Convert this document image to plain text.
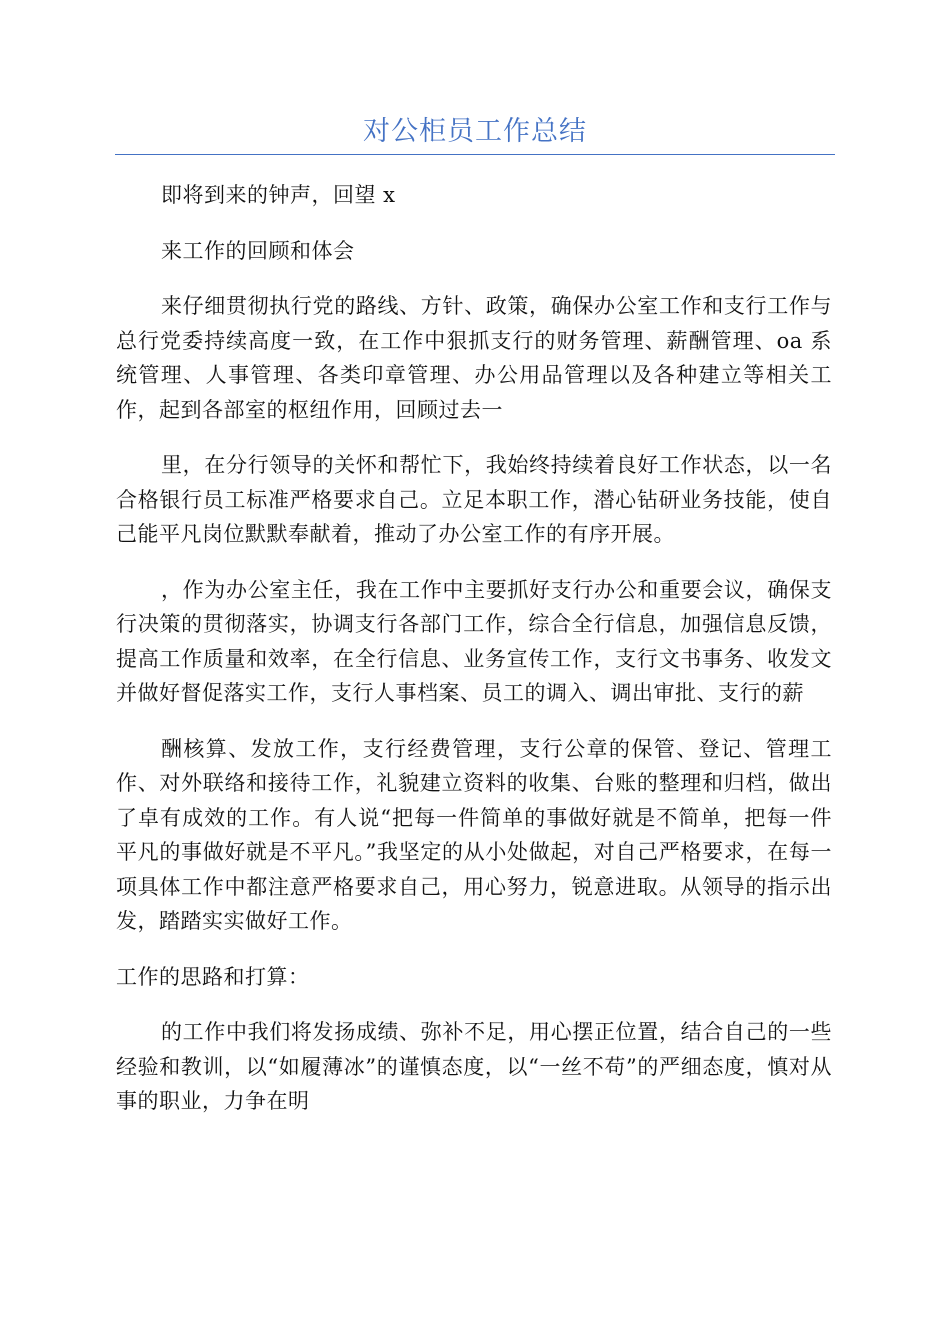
对公柜员工作总结

即将到来的钟声，回望 x

来工作的回顾和体会

来仔细贯彻执行党的路线、方针、政策，确保办公室工作和支行工作与总行党委持续高度一致，在工作中狠抓支行的财务管理、薪酬管理、oa 系统管理、人事管理、各类印章管理、办公用品管理以及各种建立等相关工作，起到各部室的枢纽作用，回顾过去一

里，在分行领导的关怀和帮忙下，我始终持续着良好工作状态，以一名合格银行员工标准严格要求自己。立足本职工作，潜心钻研业务技能，使自己能平凡岗位默默奉献着，推动了办公室工作的有序开展。

，作为办公室主任，我在工作中主要抓好支行办公和重要会议，确保支行决策的贯彻落实，协调支行各部门工作，综合全行信息，加强信息反馈，提高工作质量和效率，在全行信息、业务宣传工作，支行文书事务、收发文并做好督促落实工作，支行人事档案、员工的调入、调出审批、支行的薪

酬核算、发放工作，支行经费管理，支行公章的保管、登记、管理工作、对外联络和接待工作，礼貌建立资料的收集、台账的整理和归档，做出了卓有成效的工作。有人说“把每一件简单的事做好就是不简单，把每一件平凡的事做好就是不平凡。”我坚定的从小处做起，对自己严格要求，在每一项具体工作中都注意严格要求自己，用心努力，锐意进取。从领导的指示出发，踏踏实实做好工作。

工作的思路和打算：

的工作中我们将发扬成绩、弥补不足，用心摆正位置，结合自己的一些经验和教训，以“如履薄冰”的谨慎态度，以“一丝不苟”的严细态度，慎对从事的职业，力争在明
